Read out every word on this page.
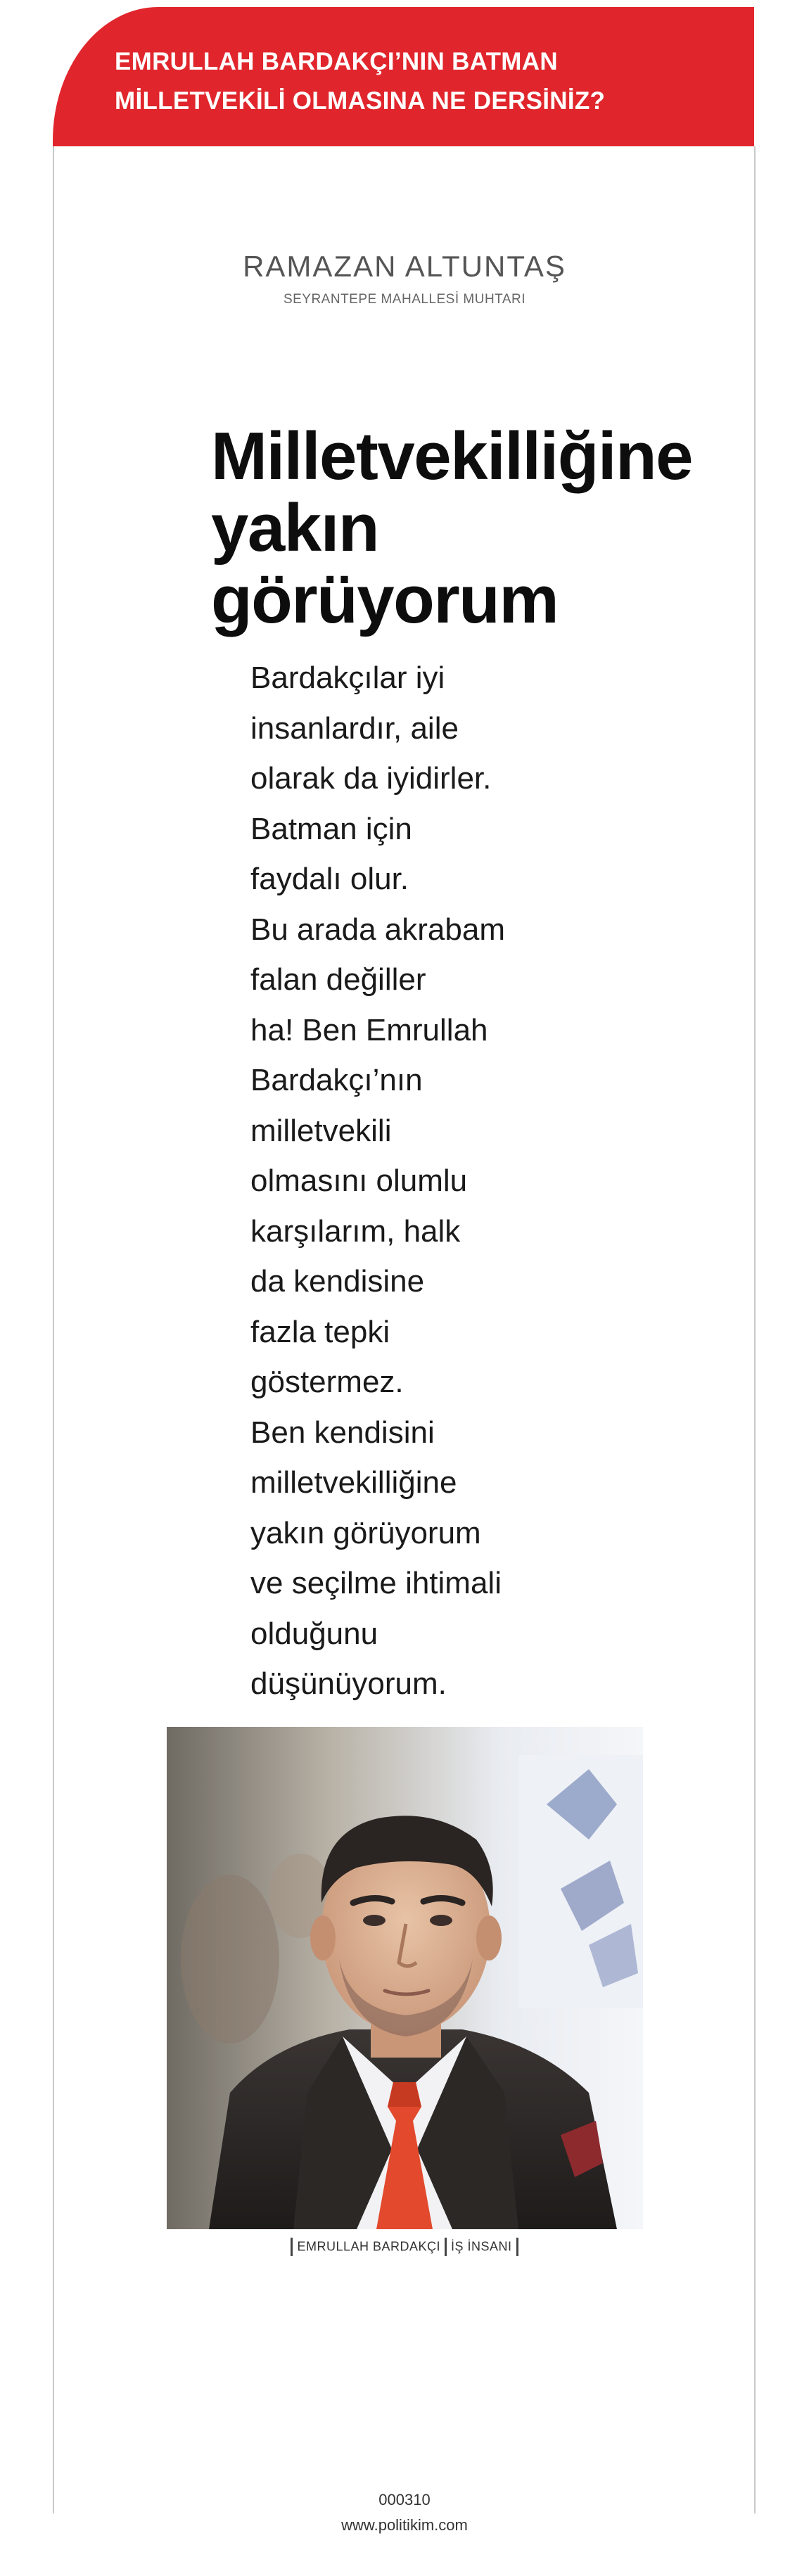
EMRULLAH BARDAKÇI’NIN BATMAN MİLLETVEKİLİ OLMASINA NE DERSİNİZ?
RAMAZAN ALTUNTAŞ
SEYRANTEPE MAHALLESİ MUHTARI
Milletvekilliğine
yakın
görüyorum
Bardakçılar iyi
insanlardır, aile
olarak da iyidirler.
Batman için
faydalı olur.
Bu arada akrabam
falan değiller
ha! Ben Emrullah
Bardakçı’nın
milletvekili
olmasını olumlu
karşılarım, halk
da kendisine
fazla tepki
göstermez.
Ben kendisini
milletvekilliğine
yakın görüyorum
ve seçilme ihtimali
olduğunu
düşünüyorum.
EMRULLAH BARDAKÇI İŞ İNSANI
000310
www.politikim.com
